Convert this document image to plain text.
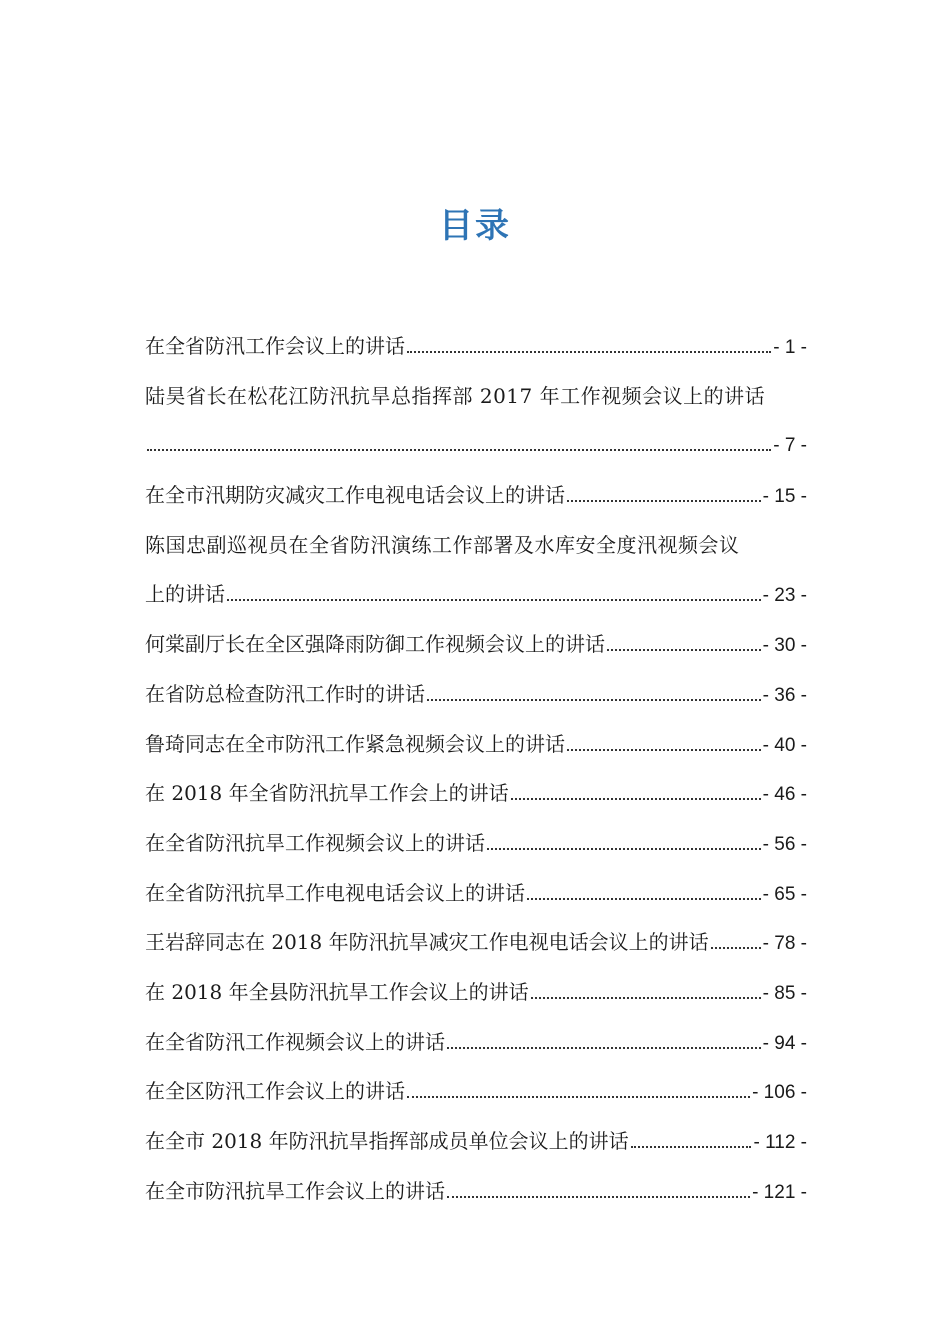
目录
在全省防汛工作会议上的讲话	- 1 -
陆昊省长在松花江防汛抗旱总指挥部 2017 年工作视频会议上的讲话
- 7 -
在全市汛期防灾减灾工作电视电话会议上的讲话	- 15 -
陈国忠副巡视员在全省防汛演练工作部署及水库安全度汛视频会议
上的讲话	- 23 -
何棠副厅长在全区强降雨防御工作视频会议上的讲话	- 30 -
在省防总检查防汛工作时的讲话	- 36 -
鲁琦同志在全市防汛工作紧急视频会议上的讲话	- 40 -
在 2018 年全省防汛抗旱工作会上的讲话	- 46 -
在全省防汛抗旱工作视频会议上的讲话	- 56 -
在全省防汛抗旱工作电视电话会议上的讲话	- 65 -
王岩辞同志在 2018 年防汛抗旱减灾工作电视电话会议上的讲话	- 78 -
在 2018 年全县防汛抗旱工作会议上的讲话	- 85 -
在全省防汛工作视频会议上的讲话	- 94 -
在全区防汛工作会议上的讲话	- 106 -
在全市 2018 年防汛抗旱指挥部成员单位会议上的讲话	- 112 -
在全市防汛抗旱工作会议上的讲话	- 121 -
